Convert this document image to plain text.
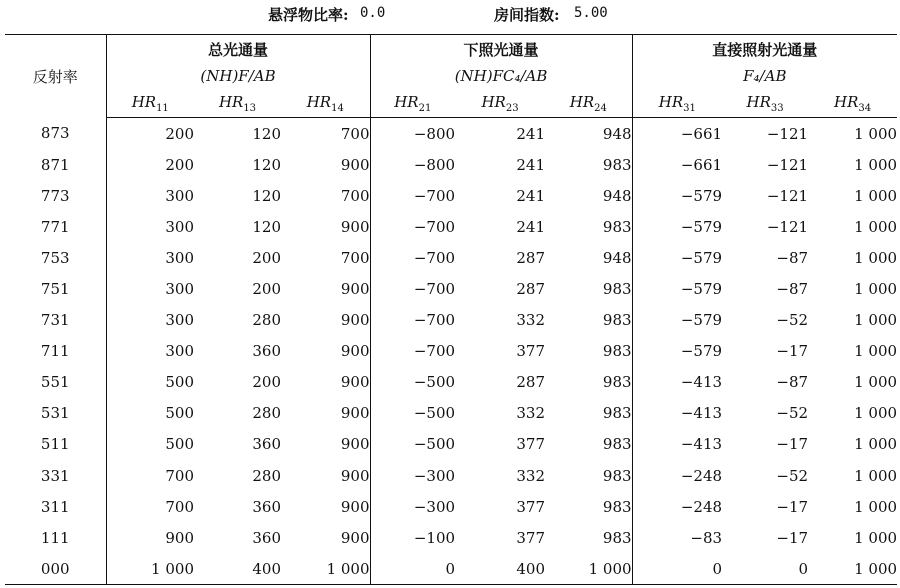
悬浮物比率: 0.0	房间指数: 5.00
反射率	总光通量			下照光通量			直接照射光通量		
	(NH)F/AB			(NH)FC₄/AB			F₄/AB		
	$HR_{11}$	$HR_{13}$	$HR_{14}$	$HR_{21}$	$HR_{23}$	$HR_{24}$	$HR_{31}$	$HR_{33}$	$HR_{34}$
873	200	120	700	−800	241	948	−661	−121	1 000
871	200	120	900	−800	241	983	−661	−121	1 000
773	300	120	700	−700	241	948	−579	−121	1 000
771	300	120	900	−700	241	983	−579	−121	1 000
753	300	200	700	−700	287	948	−579	−87	1 000
751	300	200	900	−700	287	983	−579	−87	1 000
731	300	280	900	−700	332	983	−579	−52	1 000
711	300	360	900	−700	377	983	−579	−17	1 000
551	500	200	900	−500	287	983	−413	−87	1 000
531	500	280	900	−500	332	983	−413	−52	1 000
511	500	360	900	−500	377	983	−413	−17	1 000
331	700	280	900	−300	332	983	−248	−52	1 000
311	700	360	900	−300	377	983	−248	−17	1 000
111	900	360	900	−100	377	983	−83	−17	1 000
000	1 000	400	1 000	0	400	1 000	0	0	1 000
